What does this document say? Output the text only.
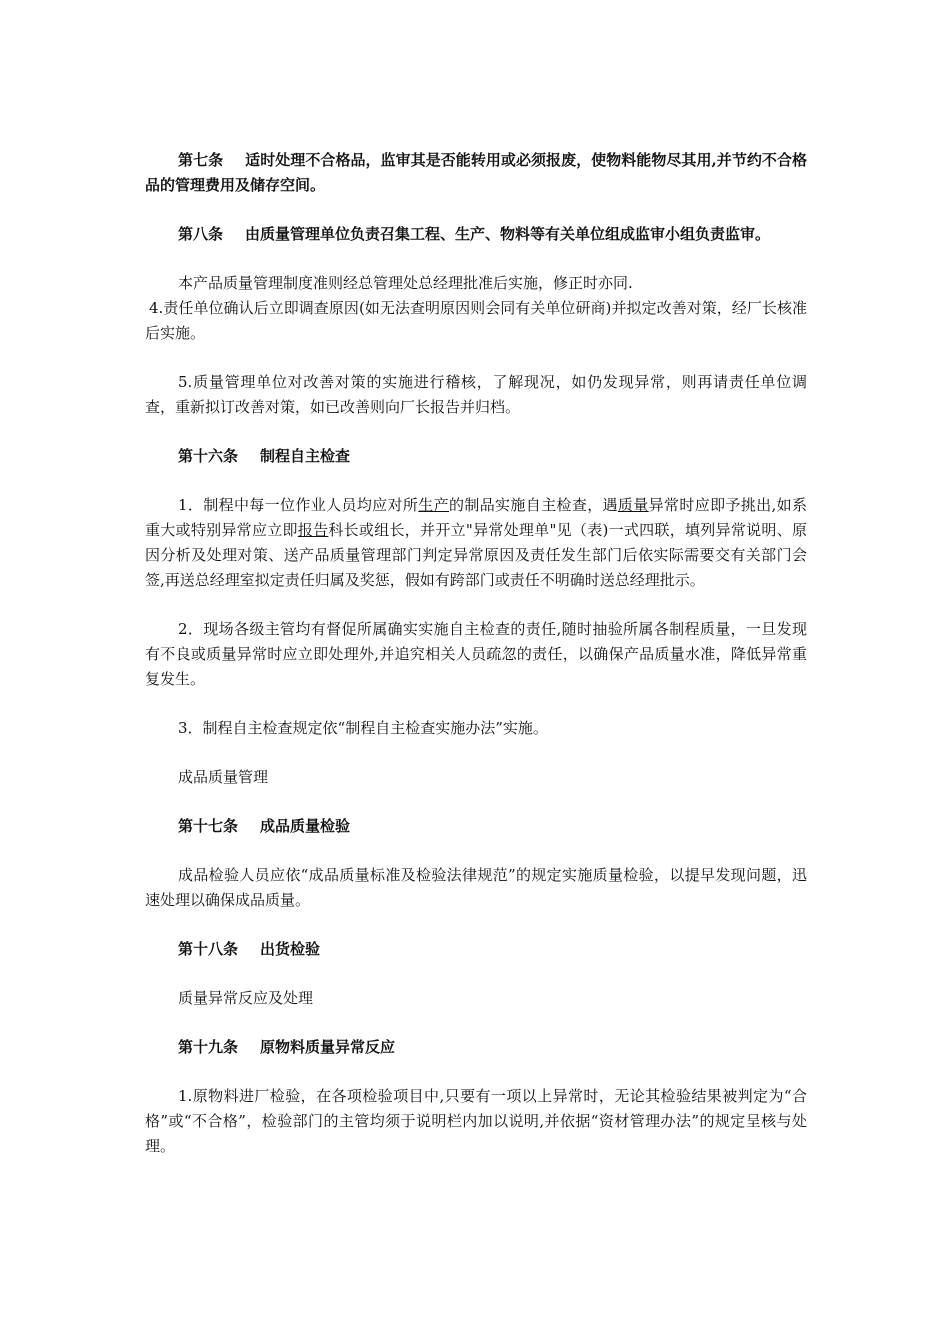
第七条 适时处理不合格品，监审其是否能转用或必须报废，使物料能物尽其用,并节约不合格品的管理费用及储存空间。

第八条 由质量管理单位负责召集工程、生产、物料等有关单位组成监审小组负责监审。

本产品质量管理制度准则经总管理处总经理批准后实施，修正时亦同.

4.责任单位确认后立即调查原因(如无法查明原因则会同有关单位研商)并拟定改善对策，经厂长核准后实施。

5.质量管理单位对改善对策的实施进行稽核，了解现况，如仍发现异常，则再请责任单位调查，重新拟订改善对策，如已改善则向厂长报告并归档。

第十六条 制程自主检查

1．制程中每一位作业人员均应对所生产的制品实施自主检查，遇质量异常时应即予挑出,如系重大或特别异常应立即报告科长或组长，并开立"异常处理单"见（表)一式四联，填列异常说明、原因分析及处理对策、送产品质量管理部门判定异常原因及责任发生部门后依实际需要交有关部门会签,再送总经理室拟定责任归属及奖惩，假如有跨部门或责任不明确时送总经理批示。

2．现场各级主管均有督促所属确实实施自主检查的责任,随时抽验所属各制程质量，一旦发现有不良或质量异常时应立即处理外,并追究相关人员疏忽的责任，以确保产品质量水准，降低异常重复发生。

3．制程自主检查规定依“制程自主检查实施办法”实施。

成品质量管理

第十七条 成品质量检验

成品检验人员应依“成品质量标准及检验法律规范”的规定实施质量检验，以提早发现问题，迅速处理以确保成品质量。

第十八条 出货检验

质量异常反应及处理

第十九条 原物料质量异常反应

1.原物料进厂检验，在各项检验项目中,只要有一项以上异常时，无论其检验结果被判定为“合格”或“不合格”，检验部门的主管均须于说明栏内加以说明,并依据“资材管理办法”的规定呈核与处理。
